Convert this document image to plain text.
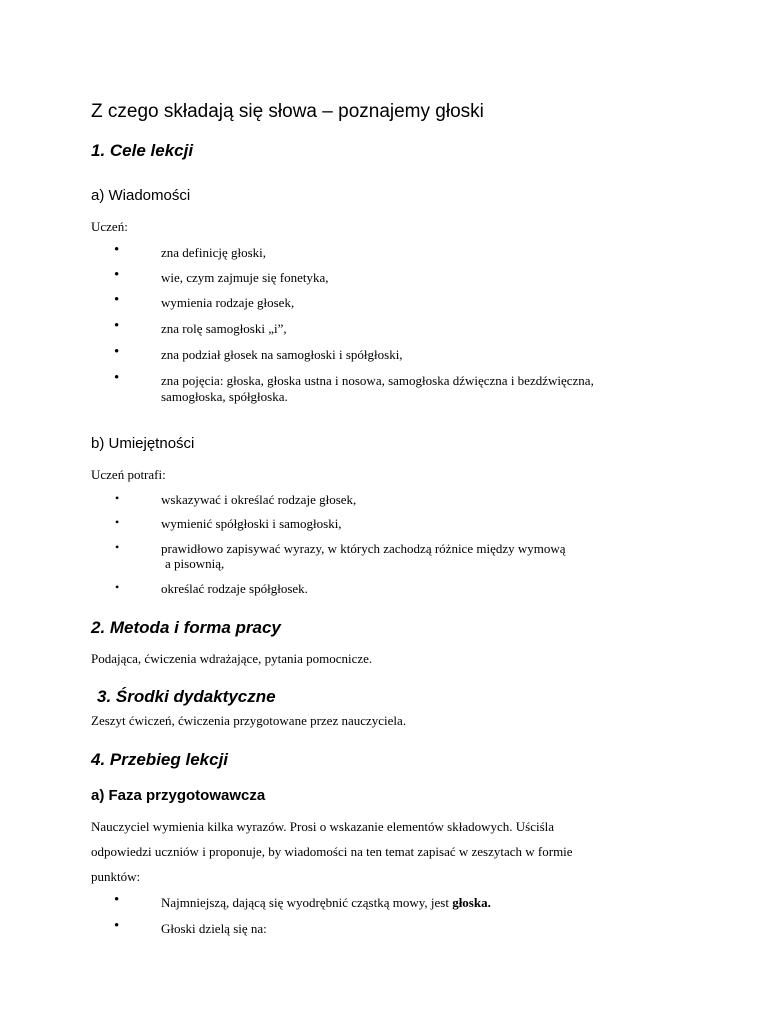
Z czego składają się słowa – poznajemy głoski
1. Cele lekcji
a) Wiadomości
Uczeń:
•	zna definicję głoski,
•	wie, czym zajmuje się fonetyka,
•	wymienia rodzaje głosek,
•	zna rolę samogłoski „i”,
•	zna podział głosek na samogłoski i spółgłoski,
•	zna pojęcia: głoska, głoska ustna i nosowa, samogłoska dźwięczna i bezdźwięczna,
samogłoska, spółgłoska.
b) Umiejętności
Uczeń potrafi:
•	wskazywać i określać rodzaje głosek,
•	wymienić spółgłoski i samogłoski,
•	prawidłowo zapisywać wyrazy, w których zachodzą różnice między wymową
a pisownią,
•	określać rodzaje spółgłosek.
2. Metoda i forma pracy
Podająca, ćwiczenia wdrażające, pytania pomocnicze.
3. Środki dydaktyczne
Zeszyt ćwiczeń, ćwiczenia przygotowane przez nauczyciela.
4. Przebieg lekcji
a) Faza przygotowawcza
Nauczyciel wymienia kilka wyrazów. Prosi o wskazanie elementów składowych. Uściśla
odpowiedzi uczniów i proponuje, by wiadomości na ten temat zapisać w zeszytach w formie
punktów:
•	Najmniejszą, dającą się wyodrębnić cząstką mowy, jest głoska.
•	Głoski dzielą się na:
